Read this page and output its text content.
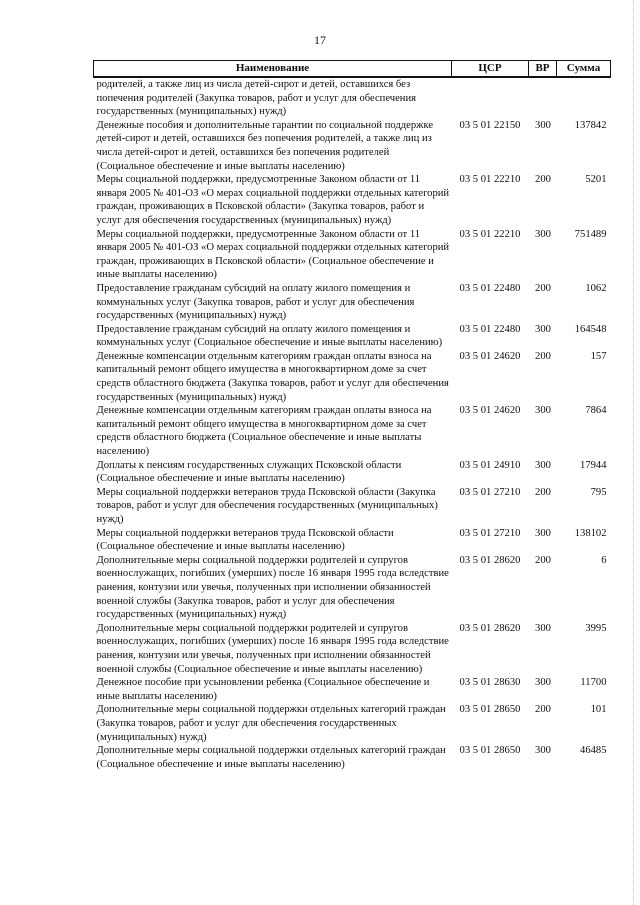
17
Наименование	ЦСР	ВР	Сумма
родителей, а также лиц из числа детей-сирот и детей, оставшихся без попечения родителей (Закупка товаров, работ и услуг для обеспечения государственных (муниципальных) нужд)			
Денежные пособия и дополнительные гарантии по социальной поддержке детей-сирот и детей, оставшихся без попечения родителей, а также лиц из числа детей-сирот и детей, оставшихся без попечения родителей (Социальное обеспечение и иные выплаты населению)	03 5 01 22150	300	137842
Меры социальной поддержки, предусмотренные Законом области от 11 января 2005 № 401-ОЗ «О мерах социальной поддержки отдельных категорий граждан, проживающих в Псковской области» (Закупка товаров, работ и услуг для обеспечения государственных (муниципальных) нужд)	03 5 01 22210	200	5201
Меры социальной поддержки, предусмотренные Законом области от 11 января 2005 № 401-ОЗ «О мерах социальной поддержки отдельных категорий граждан, проживающих в Псковской области» (Социальное обеспечение и иные выплаты населению)	03 5 01 22210	300	751489
Предоставление гражданам субсидий на оплату жилого помещения и коммунальных услуг (Закупка товаров, работ и услуг для обеспечения государственных (муниципальных) нужд)	03 5 01 22480	200	1062
Предоставление гражданам субсидий на оплату жилого помещения и коммунальных услуг (Социальное обеспечение и иные выплаты населению)	03 5 01 22480	300	164548
Денежные компенсации отдельным категориям граждан оплаты взноса на капитальный ремонт общего имущества в многоквартирном доме за счет средств областного бюджета (Закупка товаров, работ и услуг для обеспечения государственных (муниципальных) нужд)	03 5 01 24620	200	157
Денежные компенсации отдельным категориям граждан оплаты взноса на капитальный ремонт общего имущества в многоквартирном доме за счет средств областного бюджета (Социальное обеспечение и иные выплаты населению)	03 5 01 24620	300	7864
Доплаты к пенсиям государственных служащих Псковской области (Социальное обеспечение и иные выплаты населению)	03 5 01 24910	300	17944
Меры социальной поддержки ветеранов труда Псковской области (Закупка товаров, работ и услуг для обеспечения государственных (муниципальных) нужд)	03 5 01 27210	200	795
Меры социальной поддержки ветеранов труда Псковской области (Социальное обеспечение и иные выплаты населению)	03 5 01 27210	300	138102
Дополнительные меры социальной поддержки родителей и супругов военнослужащих, погибших (умерших) после 16 января 1995 года вследствие ранения, контузии или увечья, полученных при исполнении обязанностей военной службы (Закупка товаров, работ и услуг для обеспечения государственных (муниципальных) нужд)	03 5 01 28620	200	6
Дополнительные меры социальной поддержки родителей и супругов военнослужащих, погибших (умерших) после 16 января 1995 года вследствие ранения, контузии или увечья, полученных при исполнении обязанностей военной службы (Социальное обеспечение и иные выплаты населению)	03 5 01 28620	300	3995
Денежное пособие при усыновлении ребенка (Социальное обеспечение и иные выплаты населению)	03 5 01 28630	300	11700
Дополнительные меры социальной поддержки отдельных категорий граждан (Закупка товаров, работ и услуг для обеспечения государственных (муниципальных) нужд)	03 5 01 28650	200	101
Дополнительные меры социальной поддержки отдельных категорий граждан (Социальное обеспечение и иные выплаты населению)	03 5 01 28650	300	46485
